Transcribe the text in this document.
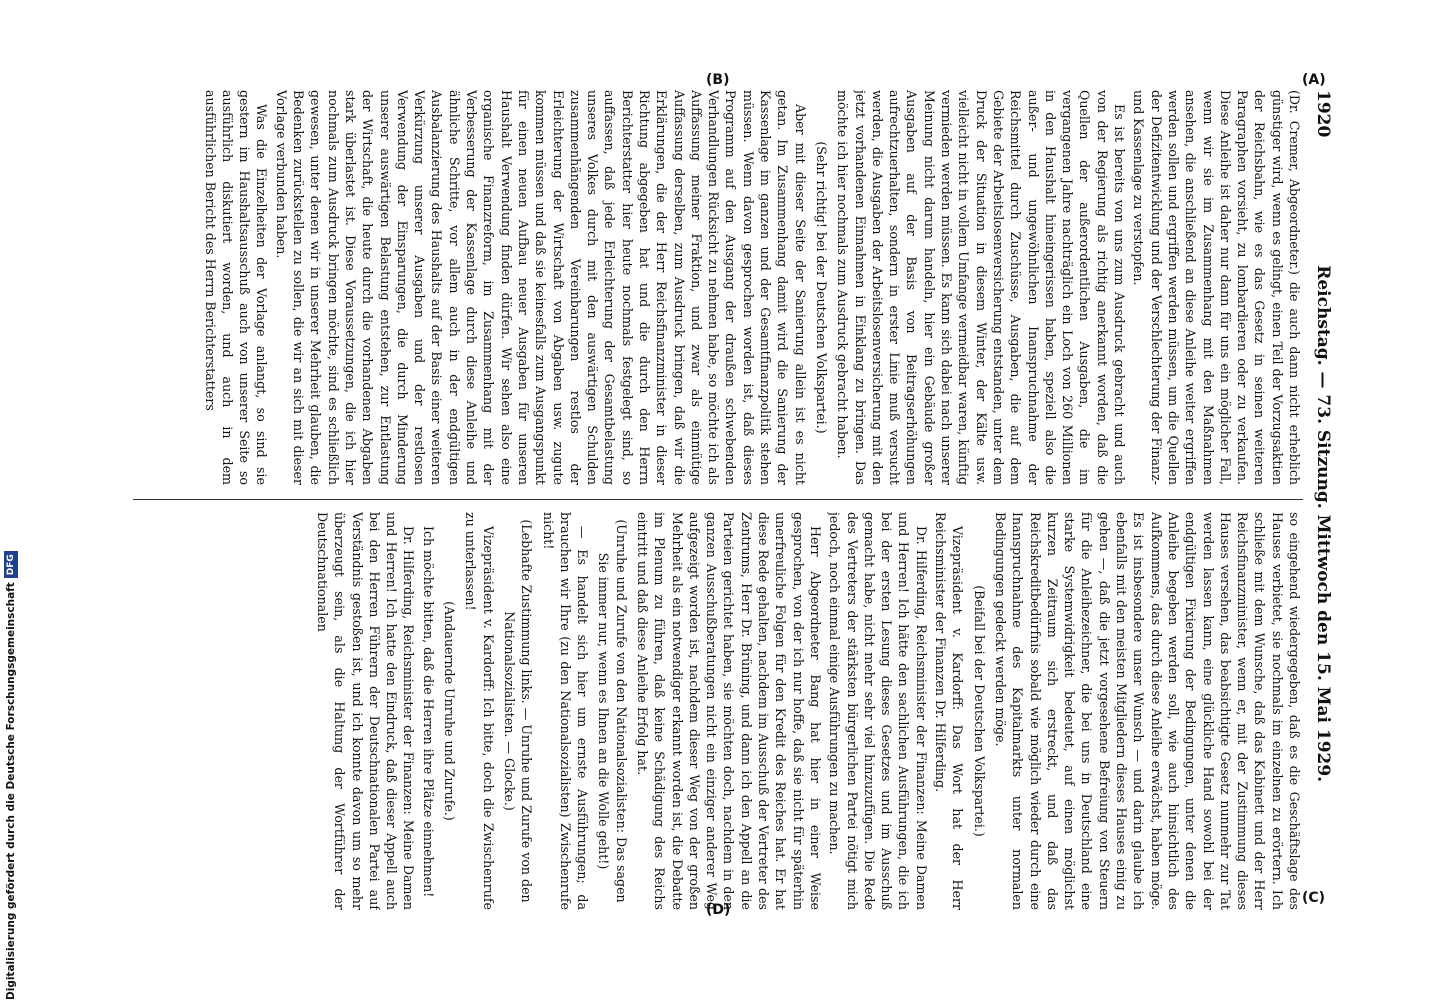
1920
Reichstag. — 73. Sitzung. Mittwoch den 15. Mai 1929.

(Dr. Cremer, Abgeordneter.) die auch dann nicht erheblich günstiger wird, wenn es gelingt, einen Teil der Vorzugsaktien der Reichsbahn, wie es das Gesetz in seinen weiteren Paragraphen vorsieht, zu lombardieren oder zu verkaufen. Diese Anleihe ist daher nur dann für uns ein möglicher Fall, wenn wir sie im Zusammenhang mit den Maßnahmen ansehen, die anschließend an diese Anleihe weiter ergriffen werden sollen und ergriffen werden müssen, um die Quellen der Defizitentwicklung und der Verschlechterung der Finanz- und Kassenlage zu verstopfen.

Es ist bereits von uns zum Ausdruck gebracht und auch von der Regierung als richtig anerkannt worden, daß die Quellen der außerordentlichen Ausgaben, die im vergangenen Jahre nachträglich ein Loch von 260 Millionen in den Haushalt hineingerissen haben, speziell also die außer- und ungewöhnlichen Inanspruchnahme der Reichsmittel durch Zuschüsse, Ausgaben, die auf dem Gebiete der Arbeitslosenversicherung entstanden, unter dem Druck der Situation in diesem Winter, der Kälte usw. vielleicht nicht in vollem Umfange vermeidbar waren, künftig vermieden werden müssen. Es kann sich dabei nach unserer Meinung nicht darum handeln, hier ein Gebäude großer Ausgaben auf der Basis von Beitragserhöhungen aufrechtzuerhalten, sondern in erster Linie muß versucht werden, die Ausgaben der Arbeitslosenversicherung mit den jetzt vorhandenen Einnahmen in Einklang zu bringen. Das möchte ich hier nochmals zum Ausdruck gebracht haben.

(Sehr richtig! bei der Deutschen Volkspartei.)

Aber mit dieser Seite der Sanierung allein ist es nicht getan. Im Zusammenhang damit wird die Sanierung der Kassenlage im ganzen und der Gesamtfinanzpolitik stehen müssen. Wenn davon gesprochen worden ist, daß dieses Programm auf den Ausgang der draußen schwebenden Verhandlungen Rücksicht zu nehmen habe, so möchte ich als Auffassung meiner Fraktion, und zwar als einmütige Auffassung derselben, zum Ausdruck bringen, daß wir die Erklärungen, die der Herr Reichsfinanzminister in dieser Richtung abgegeben hat und die durch den Herrn Berichterstatter hier heute nochmals festgelegt sind, so auffassen, daß jede Erleichterung der Gesamtbelastung unseres Volkes durch mit den auswärtigen Schulden zusammenhängenden Vereinbarungen restlos der Erleichterung der Wirtschaft von Abgaben usw. zugute kommen müssen und daß sie keinesfalls zum Ausgangspunkt für einen neuen Aufbau neuer Ausgaben für unseren Haushalt Verwendung finden dürfen. Wir sehen also eine organische Finanzreform, im Zusammenhang mit der Verbesserung der Kassenlage durch diese Anleihe und ähnliche Schritte, vor allem auch in der endgültigen Ausbalanzierung des Haushalts auf der Basis einer weiteren Verkürzung unserer Ausgaben und der restlosen Verwendung der Einsparungen, die durch Minderung unserer auswärtigen Belastung entstehen, zur Entlastung der Wirtschaft, die heute durch die vorhandenen Abgaben stark überlastet ist. Diese Voraussetzungen, die ich hier nochmals zum Ausdruck bringen möchte, sind es schließlich gewesen, unter denen wir in unserer Mehrheit glauben, die Bedenken zurückstellen zu sollen, die wir an sich mit dieser Vorlage verbunden haben.

Was die Einzelheiten der Vorlage anlangt, so sind sie gestern im Haushaltsausschuß auch von unserer Seite so ausführlich diskutiert worden, und auch in dem ausführlichen Bericht des Herrn Berichterstatters

so eingehend wiedergegeben, daß es die Geschäftslage des Hauses verbietet, sie nochmals im einzelnen zu erörtern. Ich schließe mit dem Wunsche, daß das Kabinett und der Herr Reichsfinanzminister, wenn er, mit der Zustimmung dieses Hauses versehen, das beabsichtigte Gesetz nunmehr zur Tat werden lassen kann, eine glückliche Hand sowohl bei der endgültigen Fixierung der Bedingungen, unter denen die Anleihe begeben werden soll, wie auch hinsichtlich des Aufkommens, das durch diese Anleihe erwächst, haben möge. Es ist insbesondere unser Wunsch — und darin glaube ich ebenfalls mit den meisten Mitgliedern dieses Hauses einig zu gehen —, daß die jetzt vorgesehene Befreiung von Steuern für die Anleihezeichner, die bei uns in Deutschland eine starke Systemwidrigkeit bedeutet, auf einen möglichst kurzen Zeitraum sich erstreckt, und daß das Reichskreditbedürfnis sobald wie möglich wieder durch eine Inanspruchnahme des Kapitalmarkts unter normalen Bedingungen gedeckt werden möge.

(Beifall bei der Deutschen Volkspartei.)

Vizepräsident v. Kardorff: Das Wort hat der Herr Reichsminister der Finanzen Dr. Hilferding.

Dr. Hilferding, Reichsminister der Finanzen: Meine Damen und Herren! Ich hätte den sachlichen Ausführungen, die ich bei der ersten Lesung dieses Gesetzes und im Ausschuß gemacht habe, nicht mehr sehr viel hinzuzufügen. Die Rede des Vertreters der stärksten bürgerlichen Partei nötigt mich jedoch, noch einmal einige Ausführungen zu machen.

Herr Abgeordneter Bang hat hier in einer Weise gesprochen, von der ich nur hoffe, daß sie nicht für späterhin unerfreuliche Folgen für den Kredit des Reiches hat. Er hat diese Rede gehalten, nachdem im Ausschuß der Vertreter des Zentrums, Herr Dr. Brüning, und dann ich den Appell an die Parteien gerichtet haben, sie möchten doch, nachdem in den ganzen Ausschußberatungen nicht ein einziger anderer Weg aufgezeigt worden ist, nachdem dieser Weg von der großen Mehrheit als ein notwendiger erkannt worden ist, die Debatte im Plenum zu führen, daß keine Schädigung des Reichs eintritt und daß diese Anleihe Erfolg hat.

(Unruhe und Zurufe von den Nationalsozialisten: Das sagen Sie immer nur, wenn es Ihnen an die Wolle geht!)

— Es handelt sich hier um ernste Ausführungen; da brauchen wir Ihre (zu den Nationalsozialisten) Zwischenrufe nicht!

(Lebhafte Zustimmung links. — Unruhe und Zurufe von den Nationalsozialisten. — Glocke.)

Vizepräsident v. Kardorff: Ich bitte, doch die Zwischenrufe zu unterlassen!

(Andauernde Unruhe und Zurufe.)

Ich möchte bitten, daß die Herren ihre Plätze einnehmen!

Dr. Hilferding, Reichsminister der Finanzen: Meine Damen und Herren! Ich hatte den Eindruck, daß dieser Appell auch bei den Herren Führern der Deutschnationalen Partei auf Verständnis gestoßen ist, und ich konnte davon um so mehr überzeugt sein, als die Haltung der Wortführer der Deutschnationalen

(A)
(B)
(C)
(D)
Digitalisierung gefördert durch die Deutsche Forschungsgemeinschaft
DFG
